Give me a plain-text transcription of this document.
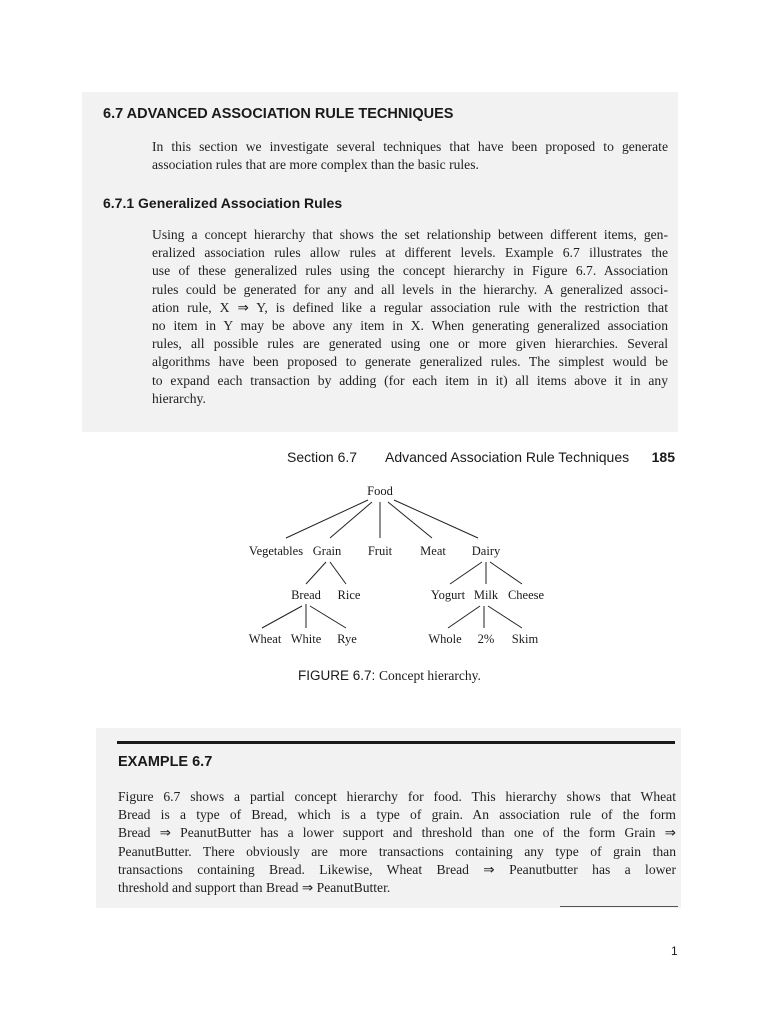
6.7 ADVANCED ASSOCIATION RULE TECHNIQUES
In this section we investigate several techniques that have been proposed to generate
association rules that are more complex than the basic rules.
6.7.1 Generalized Association Rules
Using a concept hierarchy that shows the set relationship between different items, gen-
eralized association rules allow rules at different levels. Example 6.7 illustrates the
use of these generalized rules using the concept hierarchy in Figure 6.7. Association
rules could be generated for any and all levels in the hierarchy. A generalized associ-
ation rule, X ⇒ Y, is defined like a regular association rule with the restriction that
no item in Y may be above any item in X. When generating generalized association
rules, all possible rules are generated using one or more given hierarchies. Several
algorithms have been proposed to generate generalized rules. The simplest would be
to expand each transaction by adding (for each item in it) all items above it in any
hierarchy.
Section 6.7 Advanced Association Rule Techniques 185
Food
Vegetables Grain Fruit Meat Dairy
Bread Rice
Wheat White Rye
Yogurt Milk Cheese
Whole 2% Skim
FIGURE 6.7: Concept hierarchy.
EXAMPLE 6.7
Figure 6.7 shows a partial concept hierarchy for food. This hierarchy shows that Wheat
Bread is a type of Bread, which is a type of grain. An association rule of the form
Bread ⇒ PeanutButter has a lower support and threshold than one of the form Grain ⇒
PeanutButter. There obviously are more transactions containing any type of grain than
transactions containing Bread. Likewise, Wheat Bread ⇒ Peanutbutter has a lower
threshold and support than Bread ⇒ PeanutButter.
1
